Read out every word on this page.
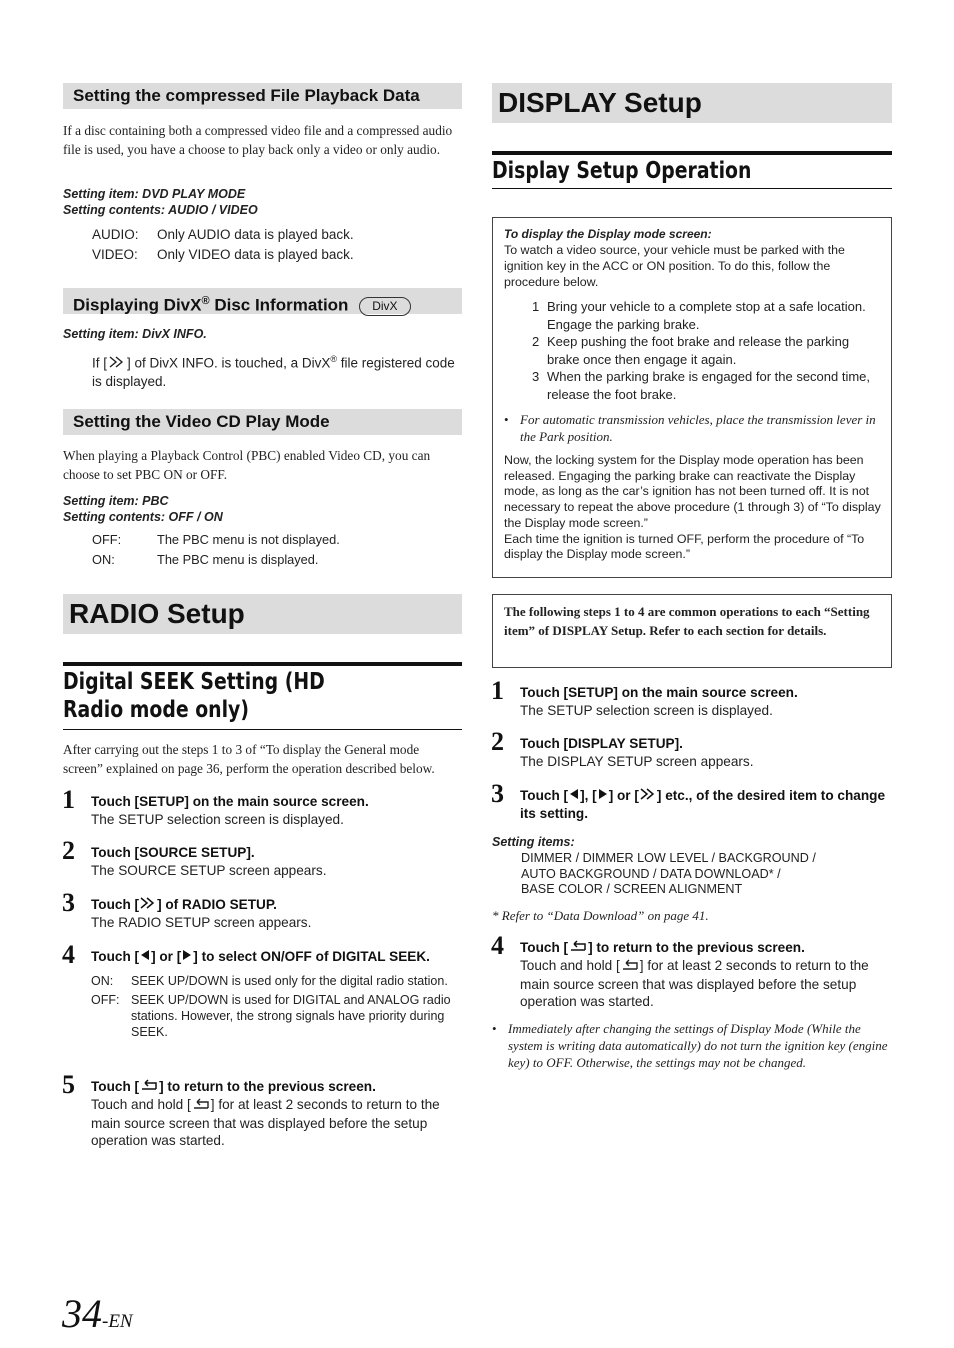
Setting the compressed File Playback Data
If a disc containing both a compressed video file and a compressed audio file is used, you have a choose to play back only a video or only audio.
Setting item: DVD PLAY MODE
Setting contents: AUDIO / VIDEO
AUDIO:	Only AUDIO data is played back.
VIDEO:	Only VIDEO data is played back.
Displaying DivX® Disc Information DivX
Setting item: DivX INFO.
If [ ] of DivX INFO. is touched, a DivX® file registered code is displayed.
Setting the Video CD Play Mode
When playing a Playback Control (PBC) enabled Video CD, you can choose to set PBC ON or OFF.
Setting item: PBC
Setting contents: OFF / ON
OFF:	The PBC menu is not displayed.
ON:	The PBC menu is displayed.
RADIO Setup
Digital SEEK Setting (HD Radio mode only)
After carrying out the steps 1 to 3 of “To display the General mode screen” explained on page 36, perform the operation described below.
1 Touch [SETUP] on the main source screen.
The SETUP selection screen is displayed.
2 Touch [SOURCE SETUP].
The SOURCE SETUP screen appears.
3 Touch [ ] of RADIO SETUP.
The RADIO SETUP screen appears.
4 Touch [ ] or [ ] to select ON/OFF of DIGITAL SEEK.
ON:	SEEK UP/DOWN is used only for the digital radio station.
OFF: SEEK UP/DOWN is used for DIGITAL and ANALOG radio stations. However, the strong signals have priority during SEEK.
5 Touch [ ] to return to the previous screen.
Touch and hold [ ] for at least 2 seconds to return to the main source screen that was displayed before the setup operation was started.
DISPLAY Setup
Display Setup Operation
To display the Display mode screen:
To watch a video source, your vehicle must be parked with the ignition key in the ACC or ON position. To do this, follow the procedure below.
1 Bring your vehicle to a complete stop at a safe location. Engage the parking brake.
2 Keep pushing the foot brake and release the parking brake once then engage it again.
3 When the parking brake is engaged for the second time, release the foot brake.
• For automatic transmission vehicles, place the transmission lever in the Park position.
Now, the locking system for the Display mode operation has been released. Engaging the parking brake can reactivate the Display mode, as long as the car’s ignition has not been turned off. It is not necessary to repeat the above procedure (1 through 3) of “To display the Display mode screen.”
Each time the ignition is turned OFF, perform the procedure of “To display the Display mode screen.”
The following steps 1 to 4 are common operations to each “Setting item” of DISPLAY Setup. Refer to each section for details.
1 Touch [SETUP] on the main source screen.
The SETUP selection screen is displayed.
2 Touch [DISPLAY SETUP].
The DISPLAY SETUP screen appears.
3 Touch [ ], [ ] or [ ] etc., of the desired item to change its setting.
Setting items:
DIMMER / DIMMER LOW LEVEL / BACKGROUND /
AUTO BACKGROUND / DATA DOWNLOAD* /
BASE COLOR / SCREEN ALIGNMENT
* Refer to “Data Download” on page 41.
4 Touch [ ] to return to the previous screen.
Touch and hold [ ] for at least 2 seconds to return to the main source screen that was displayed before the setup operation was started.
• Immediately after changing the settings of Display Mode (While the system is writing data automatically) do not turn the ignition key (engine key) to OFF. Otherwise, the settings may not be changed.
34-EN
